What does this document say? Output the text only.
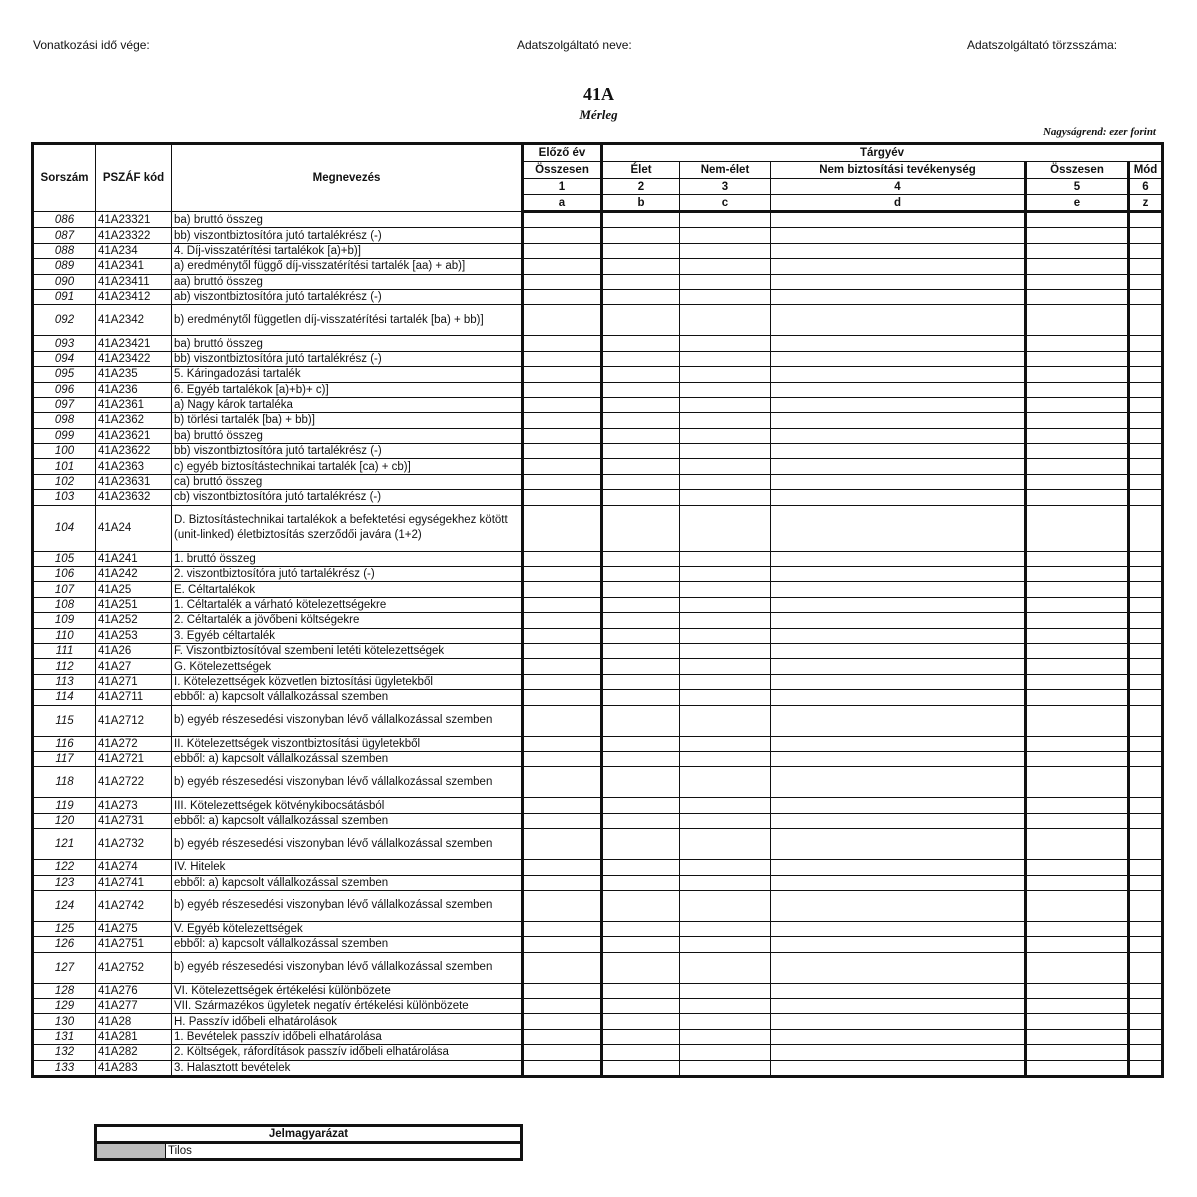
Vonatkozási idő vége:	Adatszolgáltató neve:	Adatszolgáltató törzsszáma:
41A
Mérleg
Nagyságrend: ezer forint
Sorszám	PSZÁF kód	Megnevezés	Előző év	Tárgyév				
			Összesen	Élet	Nem-élet	Nem biztosítási tevékenység	Összesen	Mód
			1	2	3	4	5	6
			a	b	c	d	e	z
086	41A23321	ba) bruttó összeg						
087	41A23322	bb) viszontbiztosítóra jutó tartalékrész (-)						
088	41A234	4. Díj-visszatérítési tartalékok [a)+b)]						
089	41A2341	a) eredménytől függő díj-visszatérítési tartalék [aa) + ab)]						
090	41A23411	aa) bruttó összeg						
091	41A23412	ab) viszontbiztosítóra jutó tartalékrész (-)						
092	41A2342	b) eredménytől független díj-visszatérítési tartalék [ba) + bb)]						
093	41A23421	ba) bruttó összeg						
094	41A23422	bb) viszontbiztosítóra jutó tartalékrész (-)						
095	41A235	5. Káringadozási tartalék						
096	41A236	6. Egyéb tartalékok [a)+b)+ c)]						
097	41A2361	a) Nagy károk tartaléka						
098	41A2362	b) törlési tartalék [ba) + bb)]						
099	41A23621	ba) bruttó összeg						
100	41A23622	bb) viszontbiztosítóra jutó tartalékrész (-)						
101	41A2363	c) egyéb biztosítástechnikai tartalék [ca) + cb)]						
102	41A23631	ca) bruttó összeg						
103	41A23632	cb) viszontbiztosítóra jutó tartalékrész (-)						
104	41A24	D. Biztosítástechnikai tartalékok a befektetési egységekhez kötött (unit-linked) életbiztosítás szerződői javára (1+2)						
105	41A241	1. bruttó összeg						
106	41A242	2. viszontbiztosítóra jutó tartalékrész (-)						
107	41A25	E. Céltartalékok						
108	41A251	1. Céltartalék a várható kötelezettségekre						
109	41A252	2. Céltartalék a jövőbeni költségekre						
110	41A253	3. Egyéb céltartalék						
111	41A26	F. Viszontbiztosítóval szembeni letéti kötelezettségek						
112	41A27	G. Kötelezettségek						
113	41A271	I. Kötelezettségek közvetlen biztosítási ügyletekből						
114	41A2711	ebből: a) kapcsolt vállalkozással szemben						
115	41A2712	b) egyéb részesedési viszonyban lévő vállalkozással szemben						
116	41A272	II. Kötelezettségek viszontbiztosítási ügyletekből						
117	41A2721	ebből: a) kapcsolt vállalkozással szemben						
118	41A2722	b) egyéb részesedési viszonyban lévő vállalkozással szemben						
119	41A273	III. Kötelezettségek kötvénykibocsátásból						
120	41A2731	ebből: a) kapcsolt vállalkozással szemben						
121	41A2732	b) egyéb részesedési viszonyban lévő vállalkozással szemben						
122	41A274	IV. Hitelek						
123	41A2741	ebből: a) kapcsolt vállalkozással szemben						
124	41A2742	b) egyéb részesedési viszonyban lévő vállalkozással szemben						
125	41A275	V. Egyéb kötelezettségek						
126	41A2751	ebből: a) kapcsolt vállalkozással szemben						
127	41A2752	b) egyéb részesedési viszonyban lévő vállalkozással szemben						
128	41A276	VI. Kötelezettségek értékelési különbözete						
129	41A277	VII. Származékos ügyletek negatív értékelési különbözete						
130	41A28	H. Passzív időbeli elhatárolások						
131	41A281	1. Bevételek passzív időbeli elhatárolása						
132	41A282	2. Költségek, ráfordítások passzív időbeli elhatárolása						
133	41A283	3. Halasztott bevételek						
Jelmagyarázat
	Tilos
